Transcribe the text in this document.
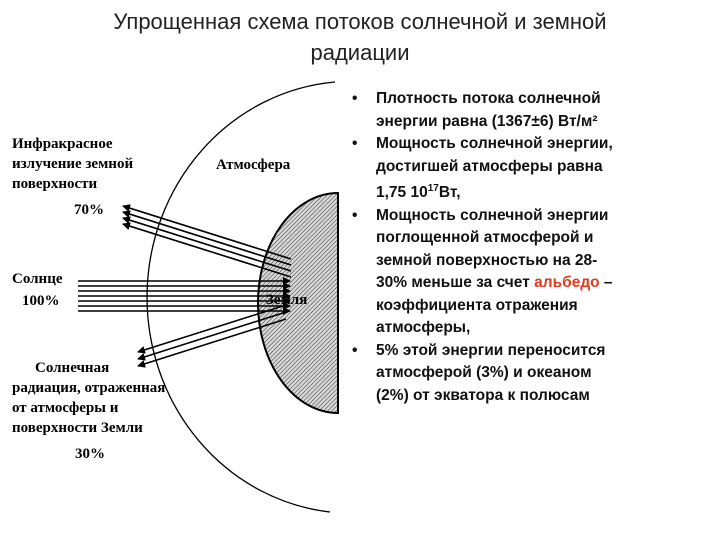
Упрощенная схема потоков солнечной и земной
радиации
Инфракрасное
излучение земной
поверхности
70%
Атмосфера
Солнце
100%	Земля
Солнечная
радиация, отраженная
от атмосферы и
поверхности Земли
30%
• Плотность потока солнечной
энергии равна (1367±6) Вт/м²
• Мощность солнечной энергии,
достигшей атмосферы равна
1,75 $10^{17}Вт$,
• Мощность солнечной энергии
поглощенной атмосферой и
земной поверхностью на 28-
30% меньше за счет альбедо –
коэффициента отражения
атмосферы,
• 5% этой энергии переносится
атмосферой (3%) и океаном
(2%) от экватора к полюсам
